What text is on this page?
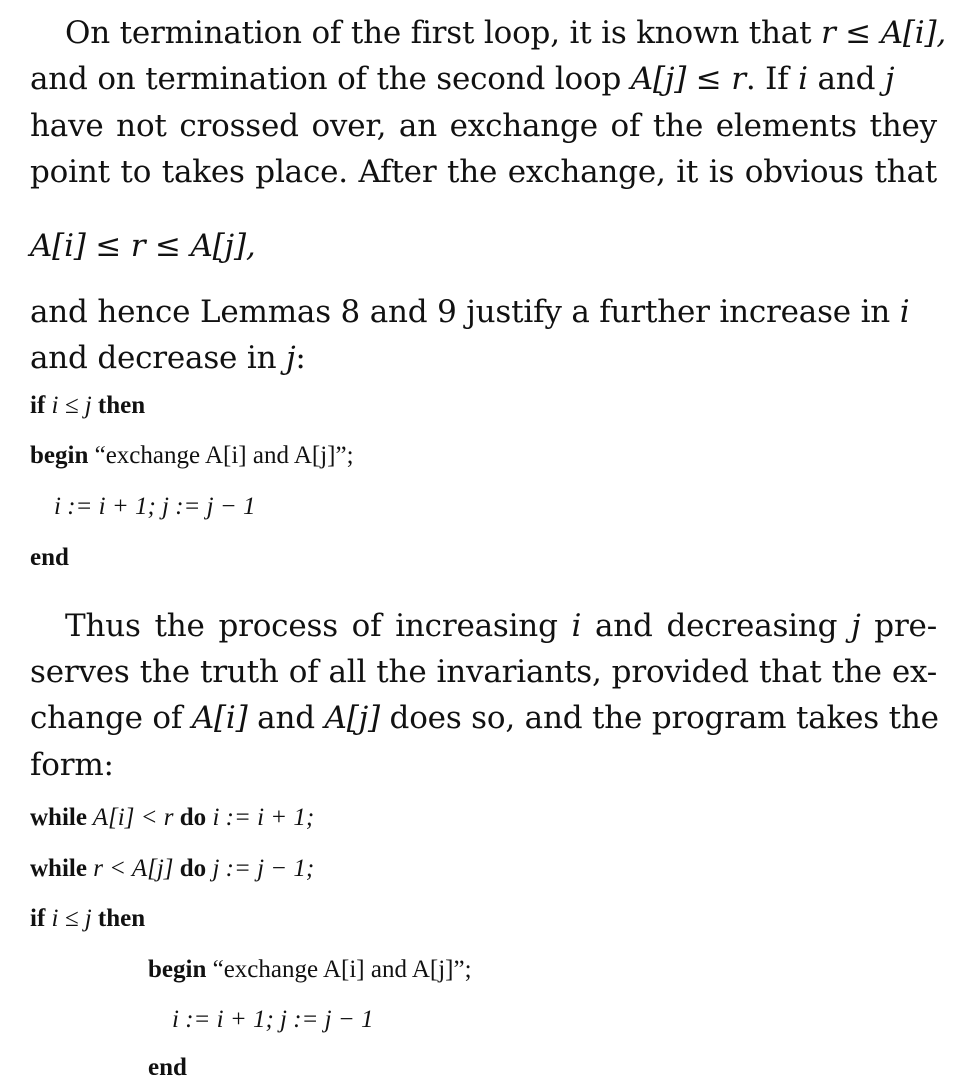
On termination of the first loop, it is known that r ≤ A[i],
and on termination of the second loop A[j] ≤ r. If i and j
have not crossed over, an exchange of the elements they
point to takes place. After the exchange, it is obvious that
A[i] ≤ r ≤ A[j],
and hence Lemmas 8 and 9 justify a further increase in i
and decrease in j:
if i ≤ j then
begin “exchange A[i] and A[j]”;
i := i + 1; j := j − 1
end
Thus the process of increasing i and decreasing j pre-
serves the truth of all the invariants, provided that the ex-
change of A[i] and A[j] does so, and the program takes the
form:
while A[i] < r do i := i + 1;
while r < A[j] do j := j − 1;
if i ≤ j then
begin “exchange A[i] and A[j]”;
i := i + 1; j := j − 1
end
